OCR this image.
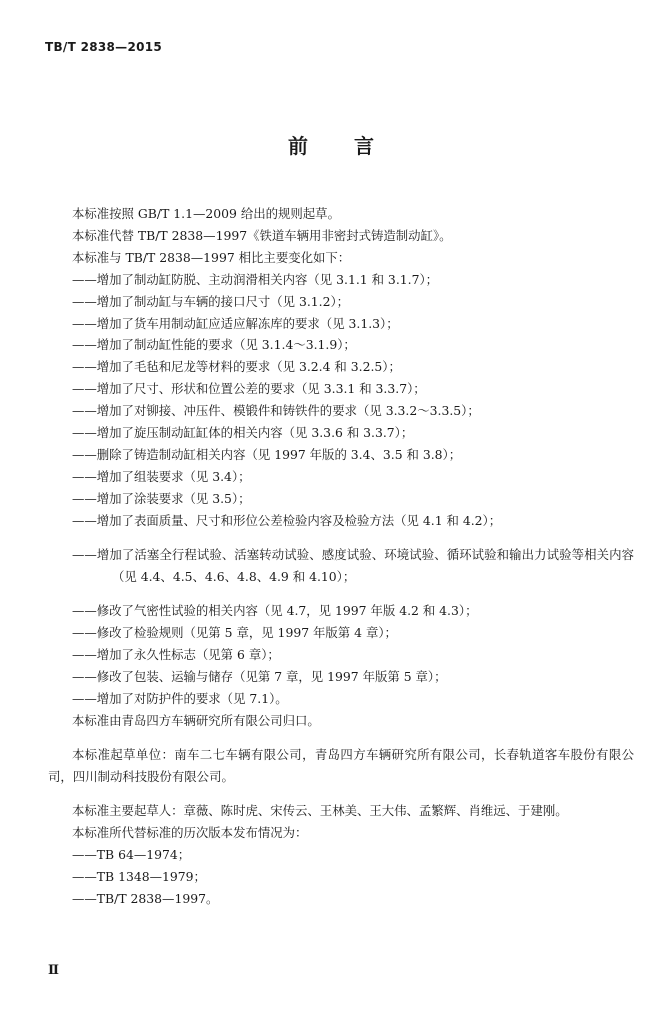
TB/T 2838—2015
前 言

本标准按照 GB/T 1.1—2009 给出的规则起草。

本标准代替 TB/T 2838—1997《铁道车辆用非密封式铸造制动缸》。

本标准与 TB/T 2838—1997 相比主要变化如下：

——增加了制动缸防脱、主动润滑相关内容（见 3.1.1 和 3.1.7）；

——增加了制动缸与车辆的接口尺寸（见 3.1.2）；

——增加了货车用制动缸应适应解冻库的要求（见 3.1.3）；

——增加了制动缸性能的要求（见 3.1.4～3.1.9）；

——增加了毛毡和尼龙等材料的要求（见 3.2.4 和 3.2.5）；

——增加了尺寸、形状和位置公差的要求（见 3.3.1 和 3.3.7）；

——增加了对铆接、冲压件、模锻件和铸铁件的要求（见 3.3.2～3.3.5）；

——增加了旋压制动缸缸体的相关内容（见 3.3.6 和 3.3.7）；

——删除了铸造制动缸相关内容（见 1997 年版的 3.4、3.5 和 3.8）；

——增加了组装要求（见 3.4）；

——增加了涂装要求（见 3.5）；

——增加了表面质量、尺寸和形位公差检验内容及检验方法（见 4.1 和 4.2）；

——增加了活塞全行程试验、活塞转动试验、感度试验、环境试验、循环试验和输出力试验等相关内容（见 4.4、4.5、4.6、4.8、4.9 和 4.10）；

——修改了气密性试验的相关内容（见 4.7，见 1997 年版 4.2 和 4.3）；

——修改了检验规则（见第 5 章，见 1997 年版第 4 章）；

——增加了永久性标志（见第 6 章）；

——修改了包装、运输与储存（见第 7 章，见 1997 年版第 5 章）；

——增加了对防护件的要求（见 7.1）。

本标准由青岛四方车辆研究所有限公司归口。

本标准起草单位：南车二七车辆有限公司，青岛四方车辆研究所有限公司，长春轨道客车股份有限公司，四川制动科技股份有限公司。

本标准主要起草人：章薇、陈时虎、宋传云、王林美、王大伟、孟繁辉、肖维远、于建刚。

本标准所代替标准的历次版本发布情况为：

——TB 64—1974；

——TB 1348—1979；

——TB/T 2838—1997。

Ⅱ
